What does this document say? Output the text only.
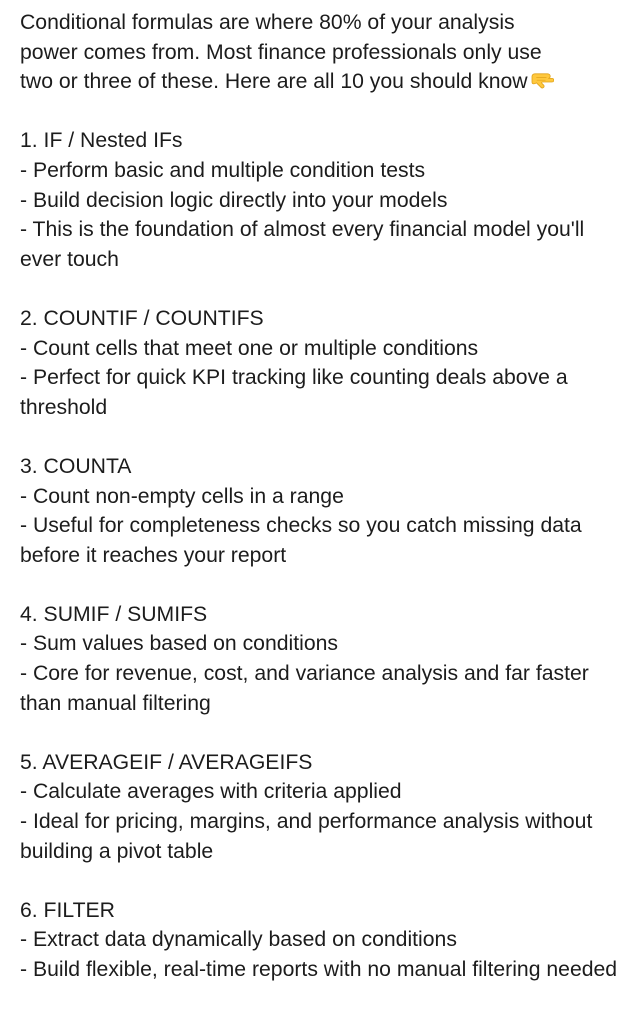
Conditional formulas are where 80% of your analysis
power comes from. Most finance professionals only use
two or three of these. Here are all 10 you should know
1. IF / Nested IFs
- Perform basic and multiple condition tests
- Build decision logic directly into your models
- This is the foundation of almost every financial model you'll ever touch
2. COUNTIF / COUNTIFS
- Count cells that meet one or multiple conditions
- Perfect for quick KPI tracking like counting deals above a threshold
3. COUNTA
- Count non-empty cells in a range
- Useful for completeness checks so you catch missing data before it reaches your report
4. SUMIF / SUMIFS
- Sum values based on conditions
- Core for revenue, cost, and variance analysis and far faster than manual filtering
5. AVERAGEIF / AVERAGEIFS
- Calculate averages with criteria applied
- Ideal for pricing, margins, and performance analysis without building a pivot table
6. FILTER
- Extract data dynamically based on conditions
- Build flexible, real-time reports with no manual filtering needed
